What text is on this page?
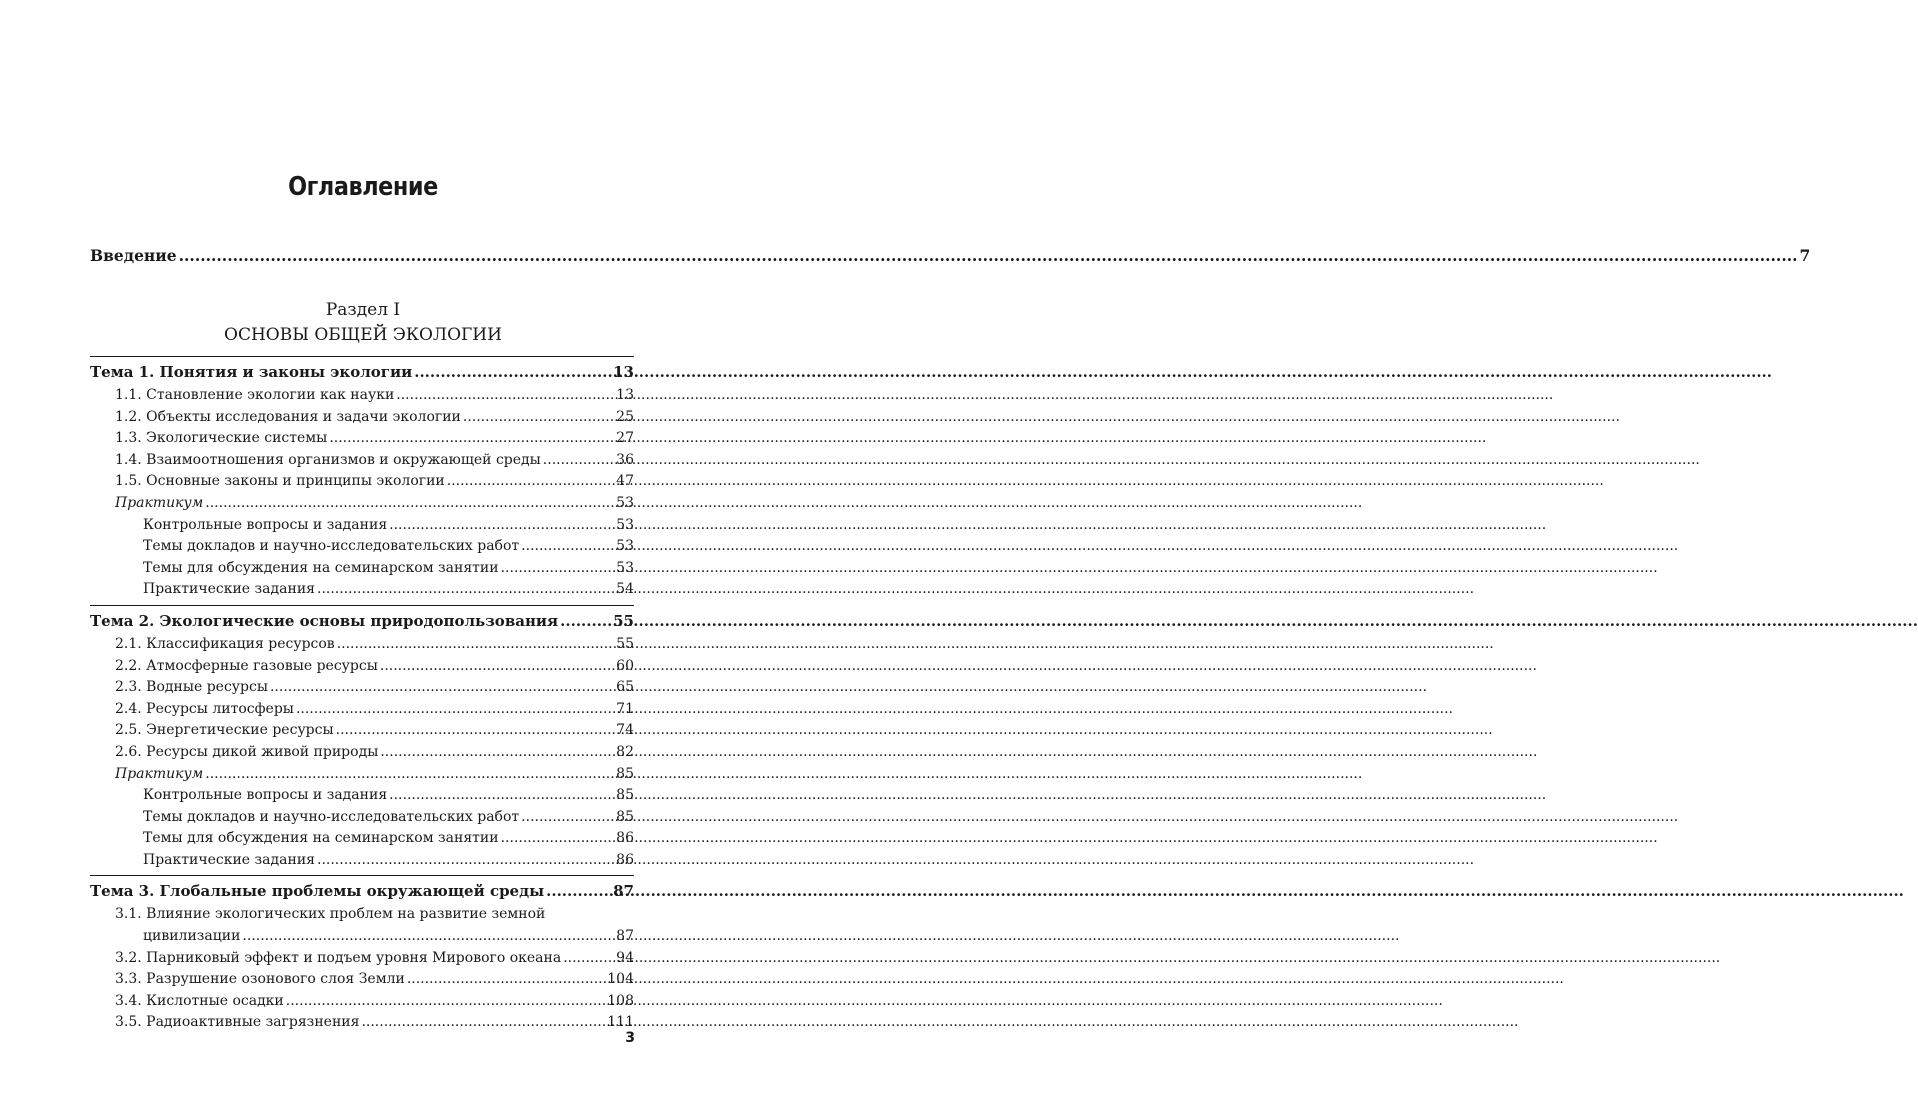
Оглавление
Введение ............................................................................................................................................................................................................................................................................................................ 7
Раздел I
ОСНОВЫ ОБЩЕЙ ЭКОЛОГИИ
Тема 1. Понятия и законы экологии .....	13
1.1. Становление экологии как науки .....	13
1.2. Объекты исследования и задачи экологии .....	25
1.3. Экологические системы .....	27
1.4. Взаимоотношения организмов и окружающей среды .....	36
1.5. Основные законы и принципы экологии .....	47
Практикум .....	53
Контрольные вопросы и задания .....	53
Темы докладов и научно-исследовательских работ .....	53
Темы для обсуждения на семинарском занятии .....	53
Практические задания .....	54
Тема 2. Экологические основы природопользования .....	55
2.1. Классификация ресурсов .....	55
2.2. Атмосферные газовые ресурсы .....	60
2.3. Водные ресурсы .....	65
2.4. Ресурсы литосферы .....	71
2.5. Энергетические ресурсы .....	74
2.6. Ресурсы дикой живой природы .....	82
Практикум .....	85
Контрольные вопросы и задания .....	85
Темы докладов и научно-исследовательских работ .....	85
Темы для обсуждения на семинарском занятии .....	86
Практические задания .....	86
Тема 3. Глобальные проблемы окружающей среды .....	87
3.1. Влияние экологических проблем на развитие земной
цивилизации .....	87
3.2. Парниковый эффект и подъем уровня Мирового океана .....	94
3.3. Разрушение озонового слоя Земли .....	104
3.4. Кислотные осадки .....	108
3.5. Радиоактивные загрязнения .....	111
3
